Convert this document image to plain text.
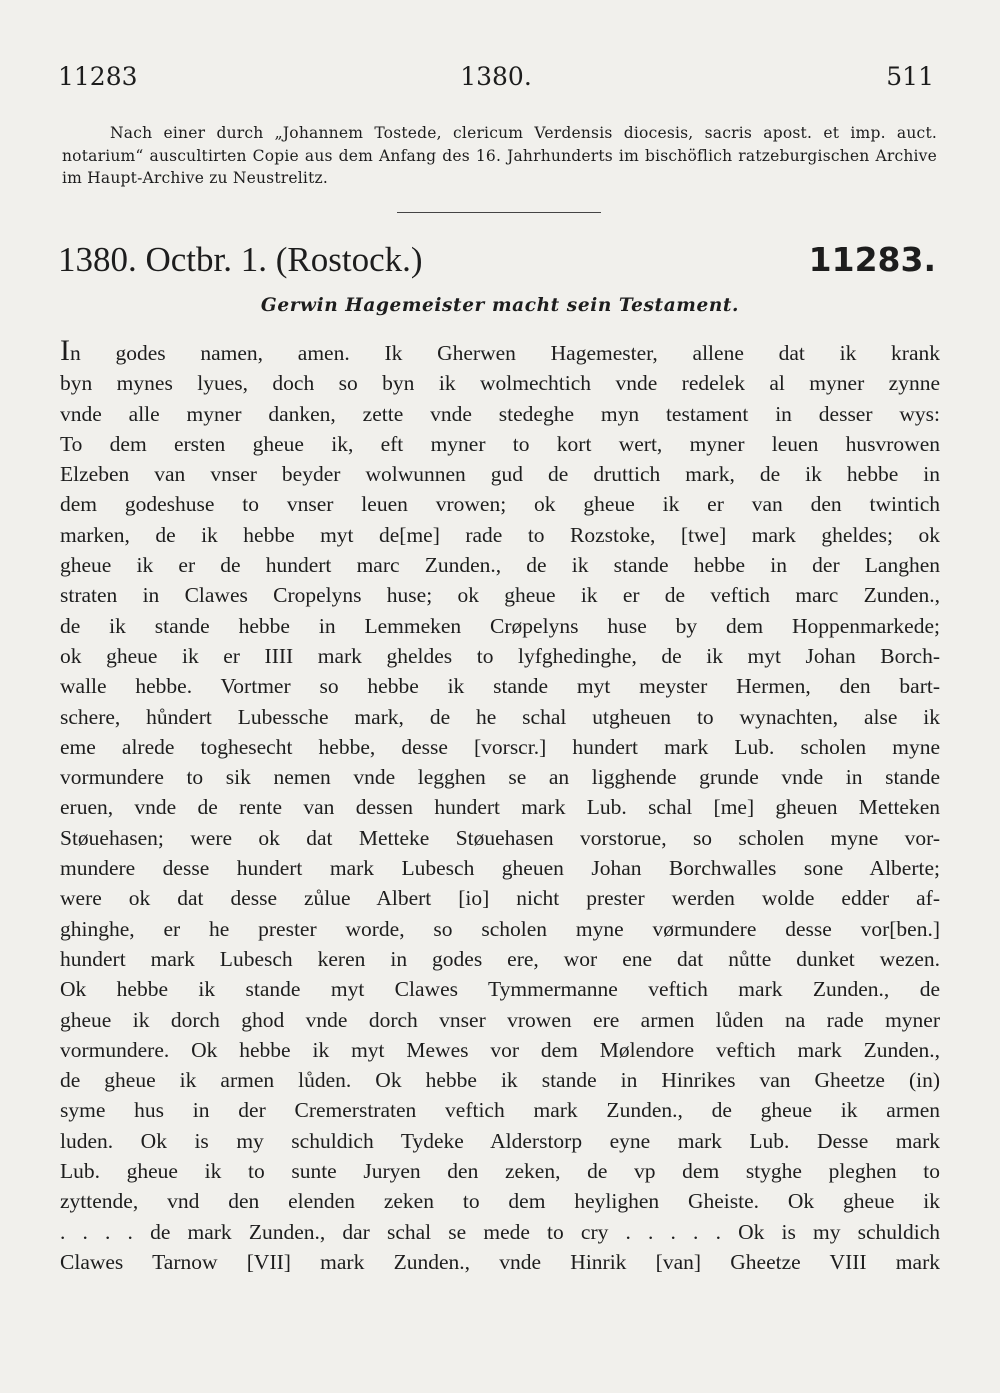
11283	1380.	511
Nach einer durch „Johannem Tostede, clericum Verdensis diocesis, sacris apost. et imp. auct. notarium“ auscultirten Copie aus dem Anfang des 16. Jahrhunderts im bischöflich ratzeburgischen Archive im Haupt-Archive zu Neustrelitz.
1380. Octbr. 1. (Rostock.)	11283.
Gerwin Hagemeister macht sein Testament.
In godes namen, amen. Ik Gherwen Hagemester, allene dat ik krank
byn mynes lyues, doch so byn ik wolmechtich vnde redelek al myner zynne
vnde alle myner danken, zette vnde stedeghe myn testament in desser wys:
To dem ersten gheue ik, eft myner to kort wert, myner leuen husvrowen
Elzeben van vnser beyder wolwunnen gud de druttich mark, de ik hebbe in
dem godeshuse to vnser leuen vrowen; ok gheue ik er van den twintich
marken, de ik hebbe myt de[me] rade to Rozstoke, [twe] mark gheldes; ok
gheue ik er de hundert marc Zunden., de ik stande hebbe in der Langhen
straten in Clawes Cropelyns huse; ok gheue ik er de veftich marc Zunden.,
de ik stande hebbe in Lemmeken Crøpelyns huse by dem Hoppenmarkede;
ok gheue ik er IIII mark gheldes to lyfghedinghe, de ik myt Johan Borch-
walle hebbe. Vortmer so hebbe ik stande myt meyster Hermen, den bart-
schere, hůndert Lubessche mark, de he schal utgheuen to wynachten, alse ik
eme alrede toghesecht hebbe, desse [vorscr.] hundert mark Lub. scholen myne
vormundere to sik nemen vnde legghen se an ligghende grunde vnde in stande
eruen, vnde de rente van dessen hundert mark Lub. schal [me] gheuen Metteken
Støuehasen; were ok dat Metteke Støuehasen vorstorue, so scholen myne vor-
mundere desse hundert mark Lubesch gheuen Johan Borchwalles sone Alberte;
were ok dat desse zůlue Albert [io] nicht prester werden wolde edder af-
ghinghe, er he prester worde, so scholen myne vørmundere desse vor[ben.]
hundert mark Lubesch keren in godes ere, wor ene dat nůtte dunket wezen.
Ok hebbe ik stande myt Clawes Tymmermanne veftich mark Zunden., de
gheue ik dorch ghod vnde dorch vnser vrowen ere armen lůden na rade myner
vormundere. Ok hebbe ik myt Mewes vor dem Mølendore veftich mark Zunden.,
de gheue ik armen lůden. Ok hebbe ik stande in Hinrikes van Gheetze (in)
syme hus in der Cremerstraten veftich mark Zunden., de gheue ik armen
luden. Ok is my schuldich Tydeke Alderstorp eyne mark Lub. Desse mark
Lub. gheue ik to sunte Juryen den zeken, de vp dem styghe pleghen to
zyttende, vnd den elenden zeken to dem heylighen Gheiste. Ok gheue ik
. . . . de mark Zunden., dar schal se mede to cry . . . . . Ok is my schuldich
Clawes Tarnow [VII] mark Zunden., vnde Hinrik [van] Gheetze VIII mark
